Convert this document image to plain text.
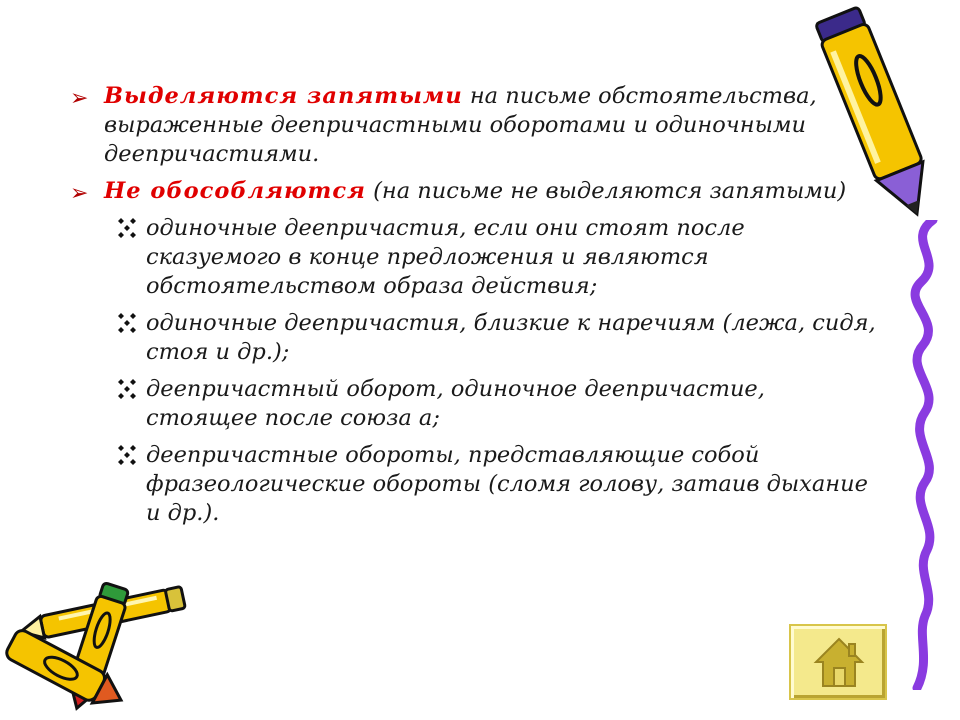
➢ Выделяются запятыми на письме обстоятельства, выраженные деепричастными оборотами и одиночными деепричастиями.
➢ Не обособляются (на письме не выделяются запятыми)
одиночные деепричастия, если они стоят после сказуемого в конце предложения и являются обстоятельством образа действия;
одиночные деепричастия, близкие к наречиям (лежа, сидя, стоя и др.);
деепричастный оборот, одиночное деепричастие, стоящее после союза а;
деепричастные обороты, представляющие собой фразеологические обороты (сломя голову, затаив дыхание и др.).
